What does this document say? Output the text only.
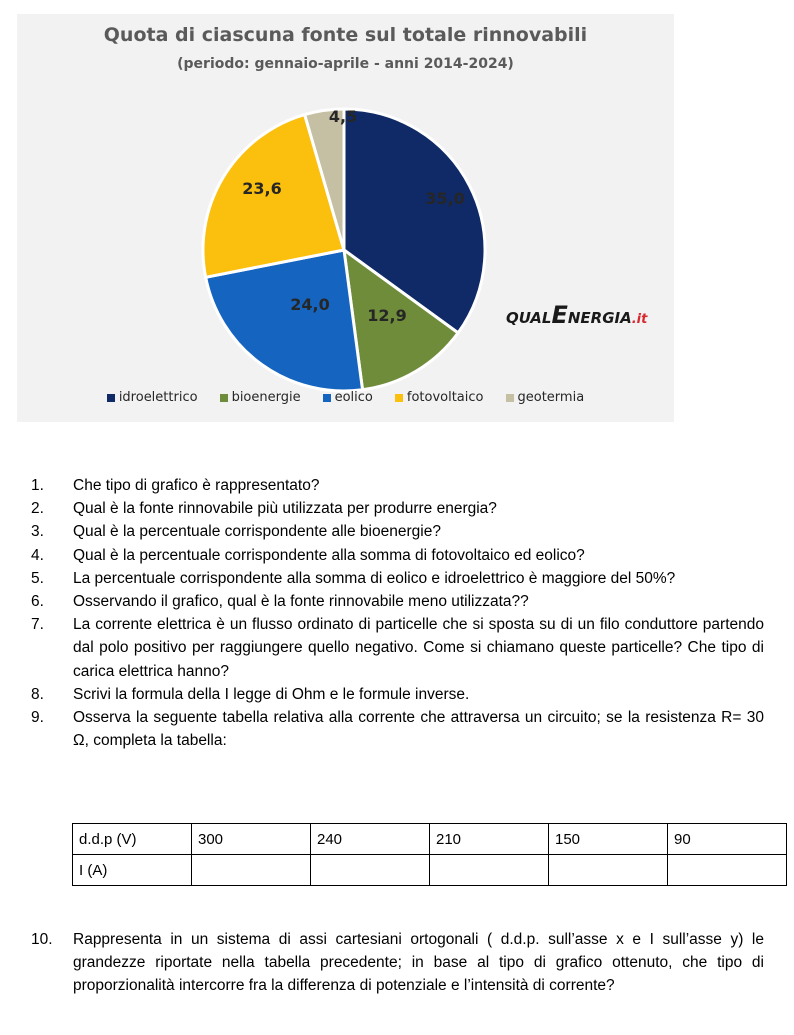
35,0
12,9
24,0
23,6
4,5
Quota di ciascuna fonte sul totale rinnovabili
(periodo: gennaio-aprile - anni 2014-2024)
QUALENERGIA.it
idroelettrico	bioenergie	eolico	fotovoltaico	geotermia
1. Che tipo di grafico è rappresentato?
2. Qual è la fonte rinnovabile più utilizzata per produrre energia?
3. Qual è la percentuale corrispondente alle bioenergie?
4. Qual è la percentuale corrispondente alla somma di fotovoltaico ed eolico?
5. La percentuale corrispondente alla somma di eolico e idroelettrico è maggiore del 50%?
6. Osservando il grafico, qual è la fonte rinnovabile meno utilizzata??
7. La corrente elettrica è un flusso ordinato di particelle che si sposta su di un filo conduttore partendo dal polo positivo per raggiungere quello negativo. Come si chiamano queste particelle? Che tipo di carica elettrica hanno?
8. Scrivi la formula della I legge di Ohm e le formule inverse.
9. Osserva la seguente tabella relativa alla corrente che attraversa un circuito; se la resistenza R= 30 Ω, completa la tabella:
d.d.p (V)	300	240	210	150	90
I (A)					
10. Rappresenta in un sistema di assi cartesiani ortogonali ( d.d.p. sull’asse x e I sull’asse y) le grandezze riportate nella tabella precedente; in base al tipo di grafico ottenuto, che tipo di proporzionalità intercorre fra la differenza di potenziale e l’intensità di corrente?
